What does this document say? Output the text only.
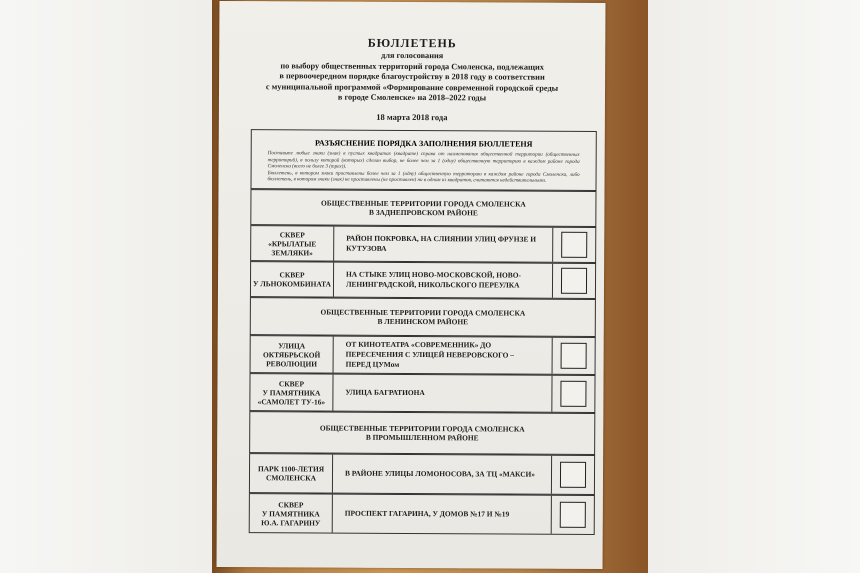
БЮЛЛЕТЕНЬ

для голосования

по выбору общественных территорий города Смоленска, подлежащих

в первоочередном порядке благоустройству в 2018 году в соответствии

с муниципальной программой «Формирование современной городской среды

в городе Смоленске» на 2018–2022 годы

18 марта 2018 года

РАЗЪЯСНЕНИЕ ПОРЯДКА ЗАПОЛНЕНИЯ БЮЛЛЕТЕНЯ
Поставьте любые знаки (знак) в пустых квадратах (квадрате) справа от наименования общественной территории (общественных территорий), в пользу которой (которых) сделан выбор, не более чем за 1 (одну) общественную территорию в каждом районе города Смоленска (всего не более 3 (трех)).
Бюллетень, в котором знаки проставлены более чем за 1 (одну) общественную территорию в каждом районе города Смоленска, либо бюллетень, в котором знаки (знак) не проставлены (не проставлен) ни в одном из квадратов, считаются недействительными.
ОБЩЕСТВЕННЫЕ ТЕРРИТОРИИ ГОРОДА СМОЛЕНСКА
В ЗАДНЕПРОВСКОМ РАЙОНЕ
СКВЕР
«КРЫЛАТЫЕ
ЗЕМЛЯКИ»
РАЙОН ПОКРОВКА, НА СЛИЯНИИ УЛИЦ ФРУНЗЕ И КУТУЗОВА
СКВЕР
У ЛЬНОКОМБИНАТА
НА СТЫКЕ УЛИЦ НОВО-МОСКОВСКОЙ, НОВО-ЛЕНИНГРАДСКОЙ, НИКОЛЬСКОГО ПЕРЕУЛКА
ОБЩЕСТВЕННЫЕ ТЕРРИТОРИИ ГОРОДА СМОЛЕНСКА
В ЛЕНИНСКОМ РАЙОНЕ
УЛИЦА
ОКТЯБРЬСКОЙ
РЕВОЛЮЦИИ
ОТ КИНОТЕАТРА «СОВРЕМЕННИК» ДО ПЕРЕСЕЧЕНИЯ С УЛИЦЕЙ НЕВЕРОВСКОГО – ПЕРЕД ЦУМом
СКВЕР
У ПАМЯТНИКА
«САМОЛЕТ ТУ-16»
УЛИЦА БАГРАТИОНА
ОБЩЕСТВЕННЫЕ ТЕРРИТОРИИ ГОРОДА СМОЛЕНСКА
В ПРОМЫШЛЕННОМ РАЙОНЕ
ПАРК 1100-ЛЕТИЯ
СМОЛЕНСКА	В РАЙОНЕ УЛИЦЫ ЛОМОНОСОВА, ЗА ТЦ «МАКСИ»
СКВЕР
У ПАМЯТНИКА
Ю.А. ГАГАРИНУ
ПРОСПЕКТ ГАГАРИНА, У ДОМОВ №17 И №19
